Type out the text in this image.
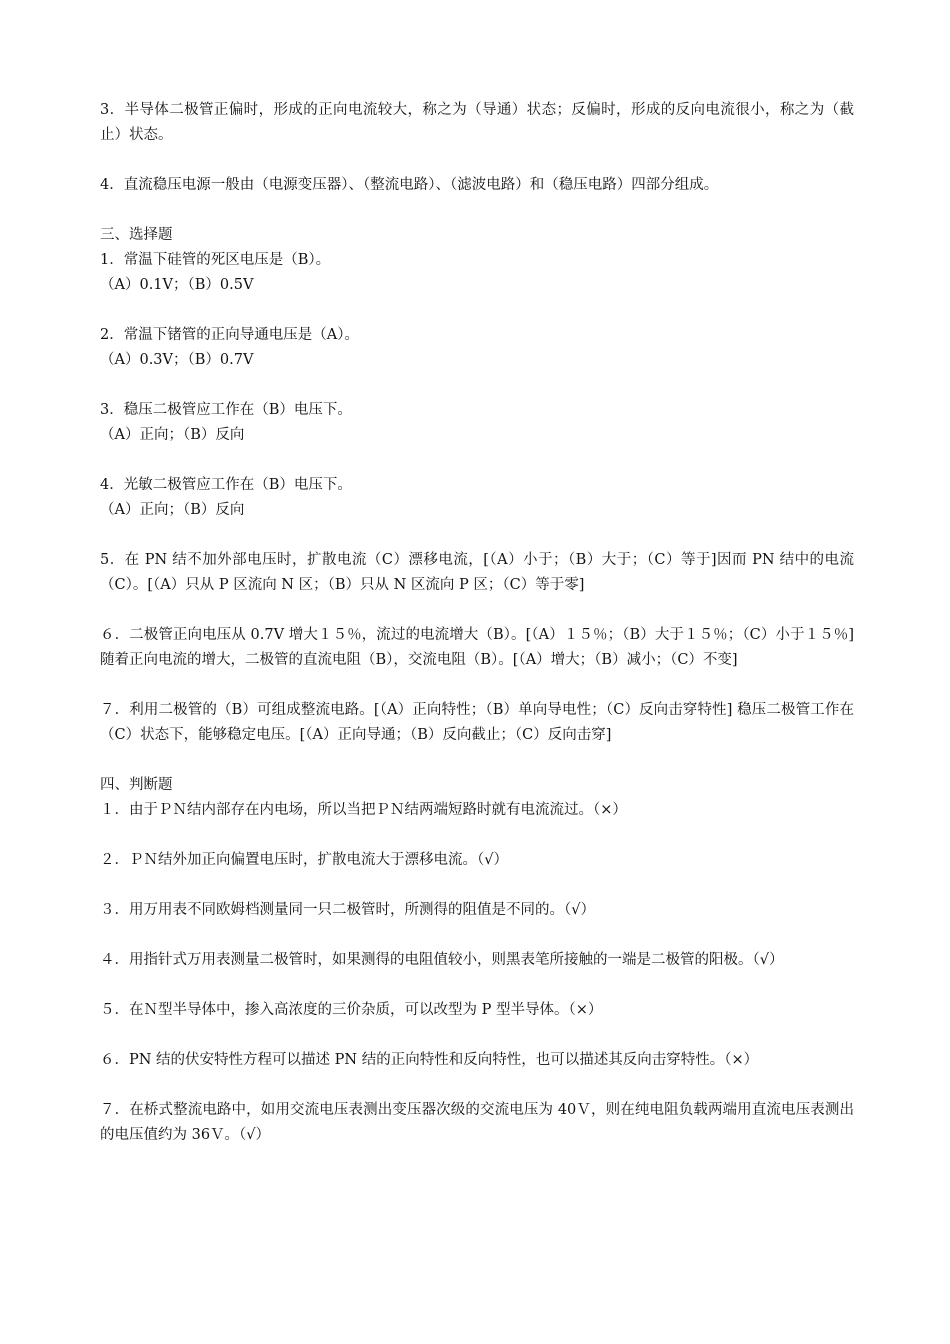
3．半导体二极管正偏时，形成的正向电流较大，称之为（导通）状态；反偏时，形成的反向电流很小，称之为（截止）状态。

4．直流稳压电源一般由（电源变压器）、（整流电路）、（滤波电路）和（稳压电路）四部分组成。

三、选择题

1．常温下硅管的死区电压是（B）。

（A）0.1V；（B）0.5V

2．常温下锗管的正向导通电压是（A）。

（A）0.3V；（B）0.7V

3．稳压二极管应工作在（B）电压下。

（A）正向；（B）反向

4．光敏二极管应工作在（B）电压下。

（A）正向；（B）反向

5．在 PN 结不加外部电压时，扩散电流（C）漂移电流，[（A）小于；（B）大于；（C）等于]因而 PN 结中的电流（C）。[（A）只从 P 区流向 N 区；（B）只从 N 区流向 P 区；（C）等于零]

６．二极管正向电压从 0.7V 增大１５％，流过的电流增大（B）。[（A）１５％；（B）大于１５％；（C）小于１５％] 随着正向电流的增大，二极管的直流电阻（B），交流电阻（B）。[（A）增大；（B）减小；（C）不变]

７．利用二极管的（B）可组成整流电路。[（A）正向特性；（B）单向导电性；（C）反向击穿特性] 稳压二极管工作在（C）状态下，能够稳定电压。[（A）正向导通；（B）反向截止；（C）反向击穿]

四、判断题

１．由于ＰＮ结内部存在内电场，所以当把ＰＮ结两端短路时就有电流流过。（×）

２．ＰＮ结外加正向偏置电压时，扩散电流大于漂移电流。（√）

３．用万用表不同欧姆档测量同一只二极管时，所测得的阻值是不同的。（√）

４．用指针式万用表测量二极管时，如果测得的电阻值较小，则黑表笔所接触的一端是二极管的阳极。（√）

５．在Ｎ型半导体中，掺入高浓度的三价杂质，可以改型为 P 型半导体。（×）

６．PN 结的伏安特性方程可以描述 PN 结的正向特性和反向特性，也可以描述其反向击穿特性。（×）

７．在桥式整流电路中，如用交流电压表测出变压器次级的交流电压为 40Ｖ，则在纯电阻负载两端用直流电压表测出的电压值约为 36Ｖ。（√）
